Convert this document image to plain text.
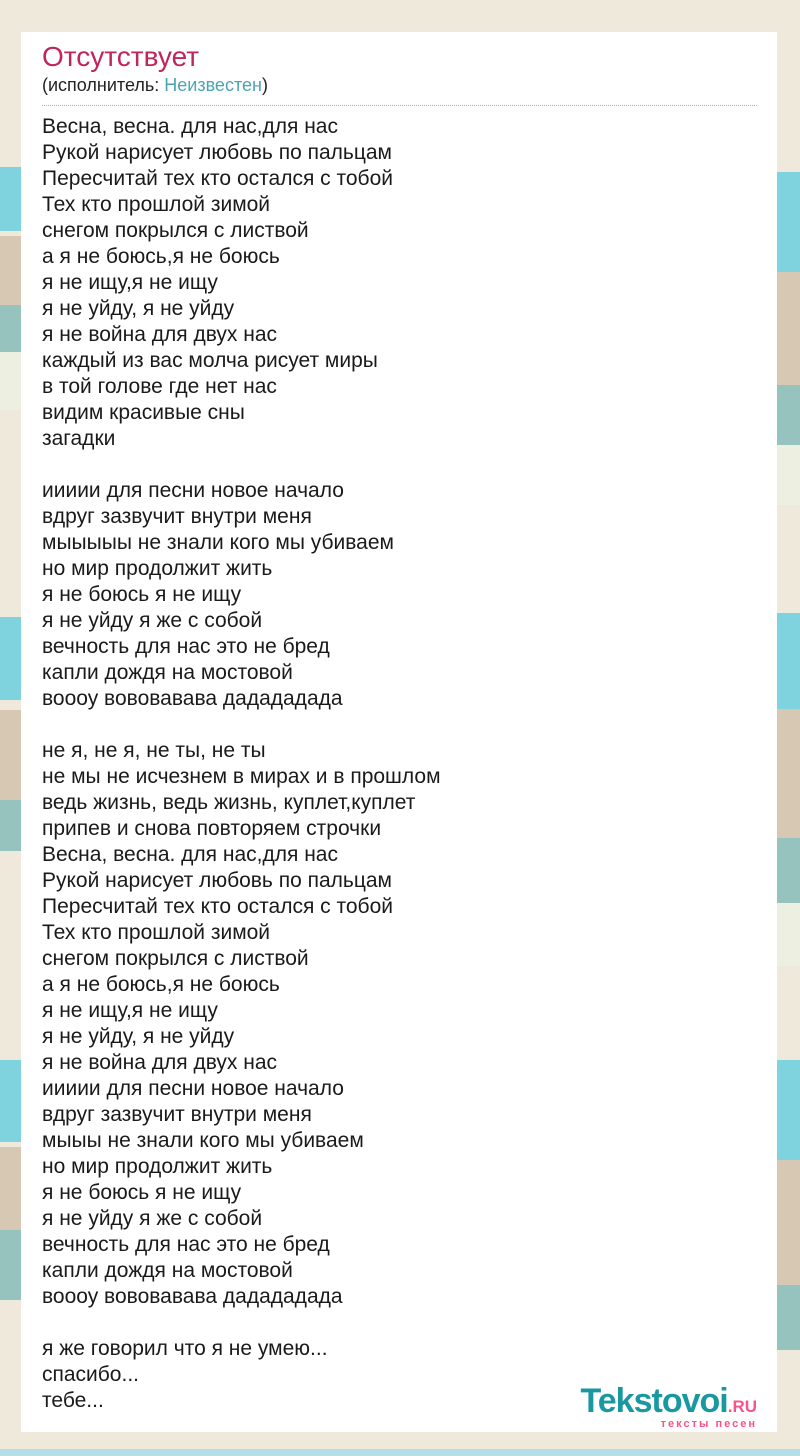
Отсутствует
(исполнитель: Неизвестен)

Весна, весна. для нас,для нас
Рукой нарисует любовь по пальцам
Пересчитай тех кто остался с тобой
Тех кто прошлой зимой
снегом покрылся с листвой
а я не боюсь,я не боюсь
я не ищу,я не ищу
я не уйду, я не уйду
я не война для двух нас
каждый из вас молча рисует миры
в той голове где нет нас
видим красивые сны
загадки

иииии для песни новое начало
вдруг зазвучит внутри меня
мыыыыы не знали кого мы убиваем
но мир продолжит жить
я не боюсь я не ищу
я не уйду я же с собой
вечность для нас это не бред
капли дождя на мостовой
воооу вововавава дадададада

не я, не я, не ты, не ты
не мы не исчезнем в мирах и в прошлом
ведь жизнь, ведь жизнь, куплет,куплет
припев и снова повторяем строчки
Весна, весна. для нас,для нас
Рукой нарисует любовь по пальцам
Пересчитай тех кто остался с тобой
Тех кто прошлой зимой
снегом покрылся с листвой
а я не боюсь,я не боюсь
я не ищу,я не ищу
я не уйду, я не уйду
я не война для двух нас
иииии для песни новое начало
вдруг зазвучит внутри меня
мыыы не знали кого мы убиваем
но мир продолжит жить
я не боюсь я не ищу
я не уйду я же с собой
вечность для нас это не бред
капли дождя на мостовой
воооу вововавава дадададада

я же говорил что я не умею...
спасибо...
тебе...	Tekstovoi.RU
тексты песен
